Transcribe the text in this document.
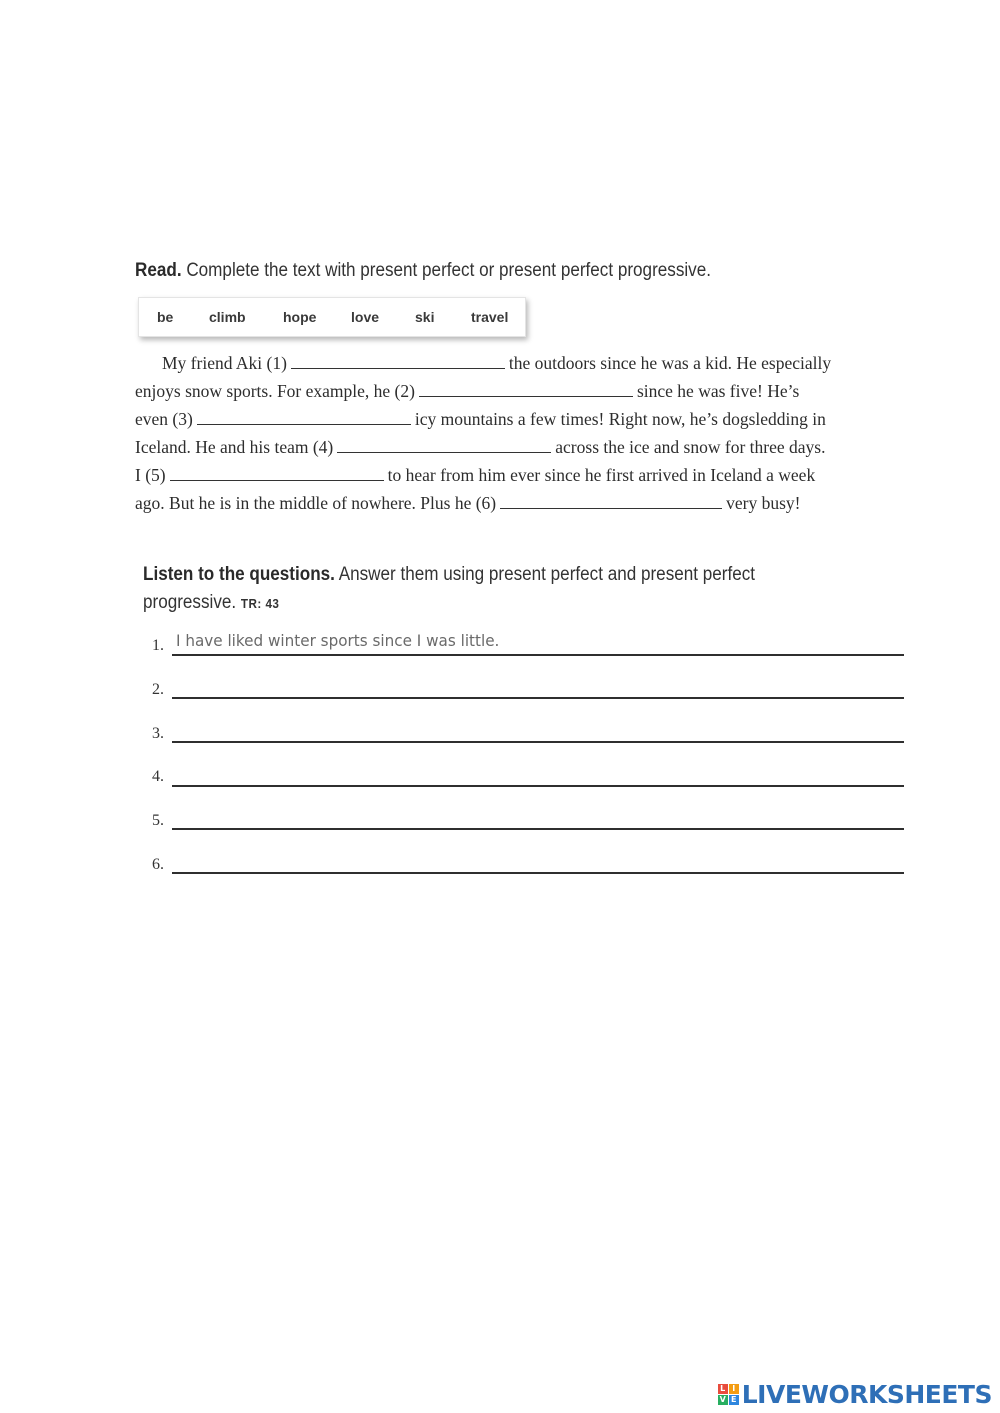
Read. Complete the text with present perfect or present perfect progressive.
be	climb	hope love	ski	travel
My friend Aki (1)	the outdoors since he was a kid. He especially
enjoys snow sports. For example, he (2)	since he was five! He’s
even (3)	icy mountains a few times! Right now, he’s dogsledding in
Iceland. He and his team (4)	across the ice and snow for three days.
I (5)	to hear from him ever since he first arrived in Iceland a week
ago. But he is in the middle of nowhere. Plus he (6)	very busy!
Listen to the questions. Answer them using present perfect and present perfect
progressive. TR: 43
1. I have liked winter sports since I was little.
2.
3.
4.
5.
6.
L I
V E LIVEWORKSHEETS
